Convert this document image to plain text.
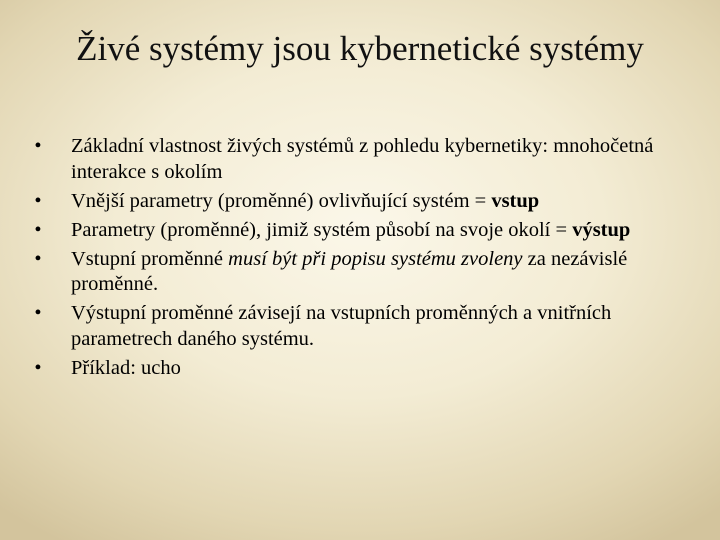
Živé systémy jsou kybernetické systémy
•	Základní vlastnost živých systémů z pohledu kybernetiky: mnohočetná interakce s okolím
•	Vnější parametry (proměnné) ovlivňující systém = vstup
•	Parametry (proměnné), jimiž systém působí na svoje okolí = výstup
•	Vstupní proměnné musí být při popisu systému zvoleny za nezávislé proměnné.
•	Výstupní proměnné závisejí na vstupních proměnných a vnitřních parametrech daného systému.
•	Příklad: ucho
